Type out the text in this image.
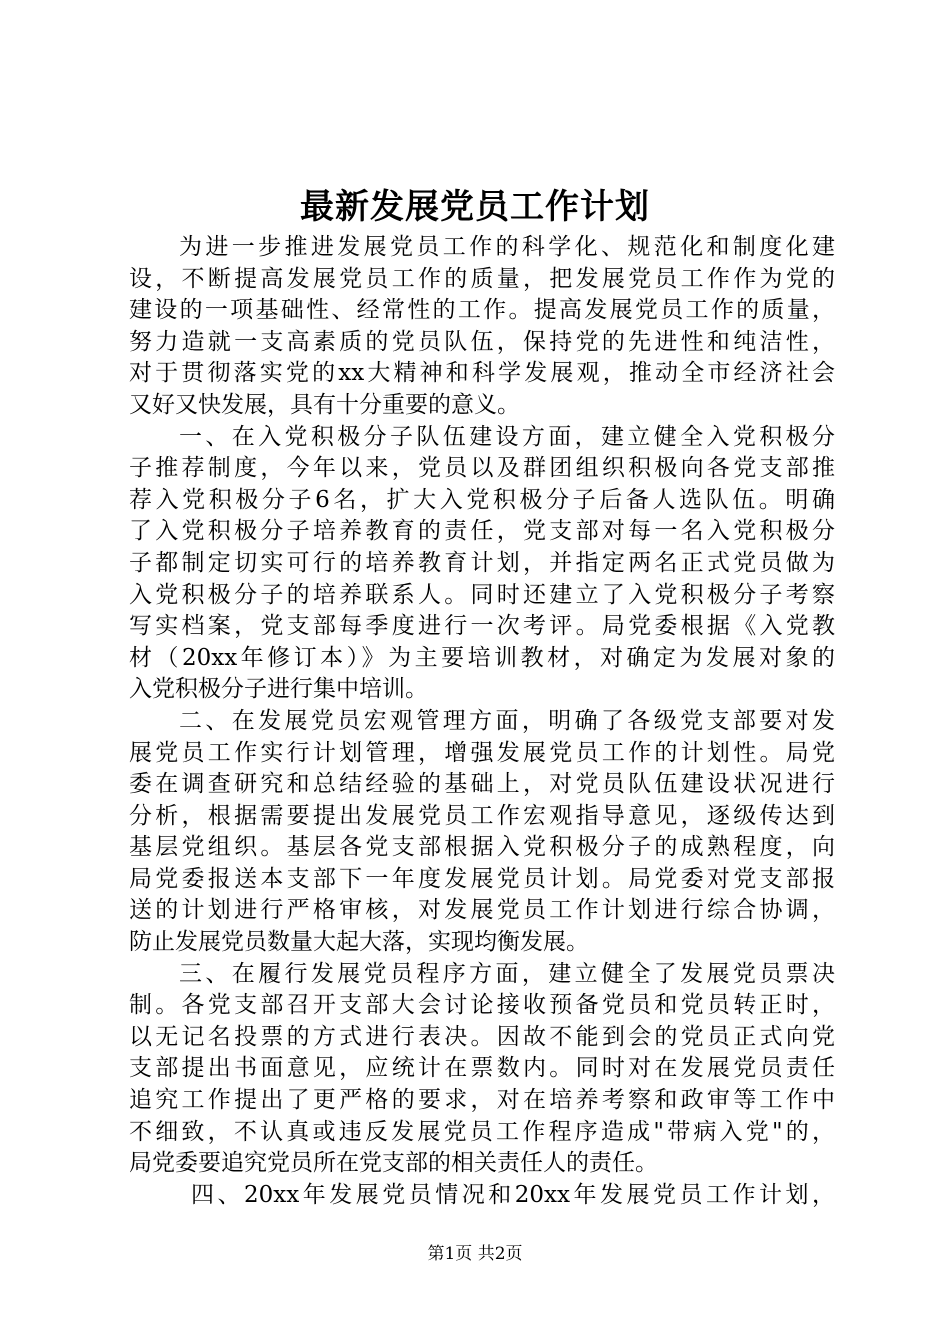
最新发展党员工作计划
为进一步推进发展党员工作的科学化、规范化和制度化建
设，不断提高发展党员工作的质量，把发展党员工作作为党的
建设的一项基础性、经常性的工作。提高发展党员工作的质量，
努力造就一支高素质的党员队伍，保持党的先进性和纯洁性，
对于贯彻落实党的xx大精神和科学发展观，推动全市经济社会
又好又快发展，具有十分重要的意义。
一、在入党积极分子队伍建设方面，建立健全入党积极分
子推荐制度，今年以来，党员以及群团组织积极向各党支部推
荐入党积极分子6名，扩大入党积极分子后备人选队伍。明确
了入党积极分子培养教育的责任，党支部对每一名入党积极分
子都制定切实可行的培养教育计划，并指定两名正式党员做为
入党积极分子的培养联系人。同时还建立了入党积极分子考察
写实档案，党支部每季度进行一次考评。局党委根据《入党教
材（20xx年修订本）》为主要培训教材，对确定为发展对象的
入党积极分子进行集中培训。
二、在发展党员宏观管理方面，明确了各级党支部要对发
展党员工作实行计划管理，增强发展党员工作的计划性。局党
委在调查研究和总结经验的基础上，对党员队伍建设状况进行
分析，根据需要提出发展党员工作宏观指导意见，逐级传达到
基层党组织。基层各党支部根据入党积极分子的成熟程度，向
局党委报送本支部下一年度发展党员计划。局党委对党支部报
送的计划进行严格审核，对发展党员工作计划进行综合协调，
防止发展党员数量大起大落，实现均衡发展。
三、在履行发展党员程序方面，建立健全了发展党员票决
制。各党支部召开支部大会讨论接收预备党员和党员转正时，
以无记名投票的方式进行表决。因故不能到会的党员正式向党
支部提出书面意见，应统计在票数内。同时对在发展党员责任
追究工作提出了更严格的要求，对在培养考察和政审等工作中
不细致，不认真或违反发展党员工作程序造成"带病入党"的，
局党委要追究党员所在党支部的相关责任人的责任。
四、20xx年发展党员情况和20xx年发展党员工作计划，
第1页 共2页
